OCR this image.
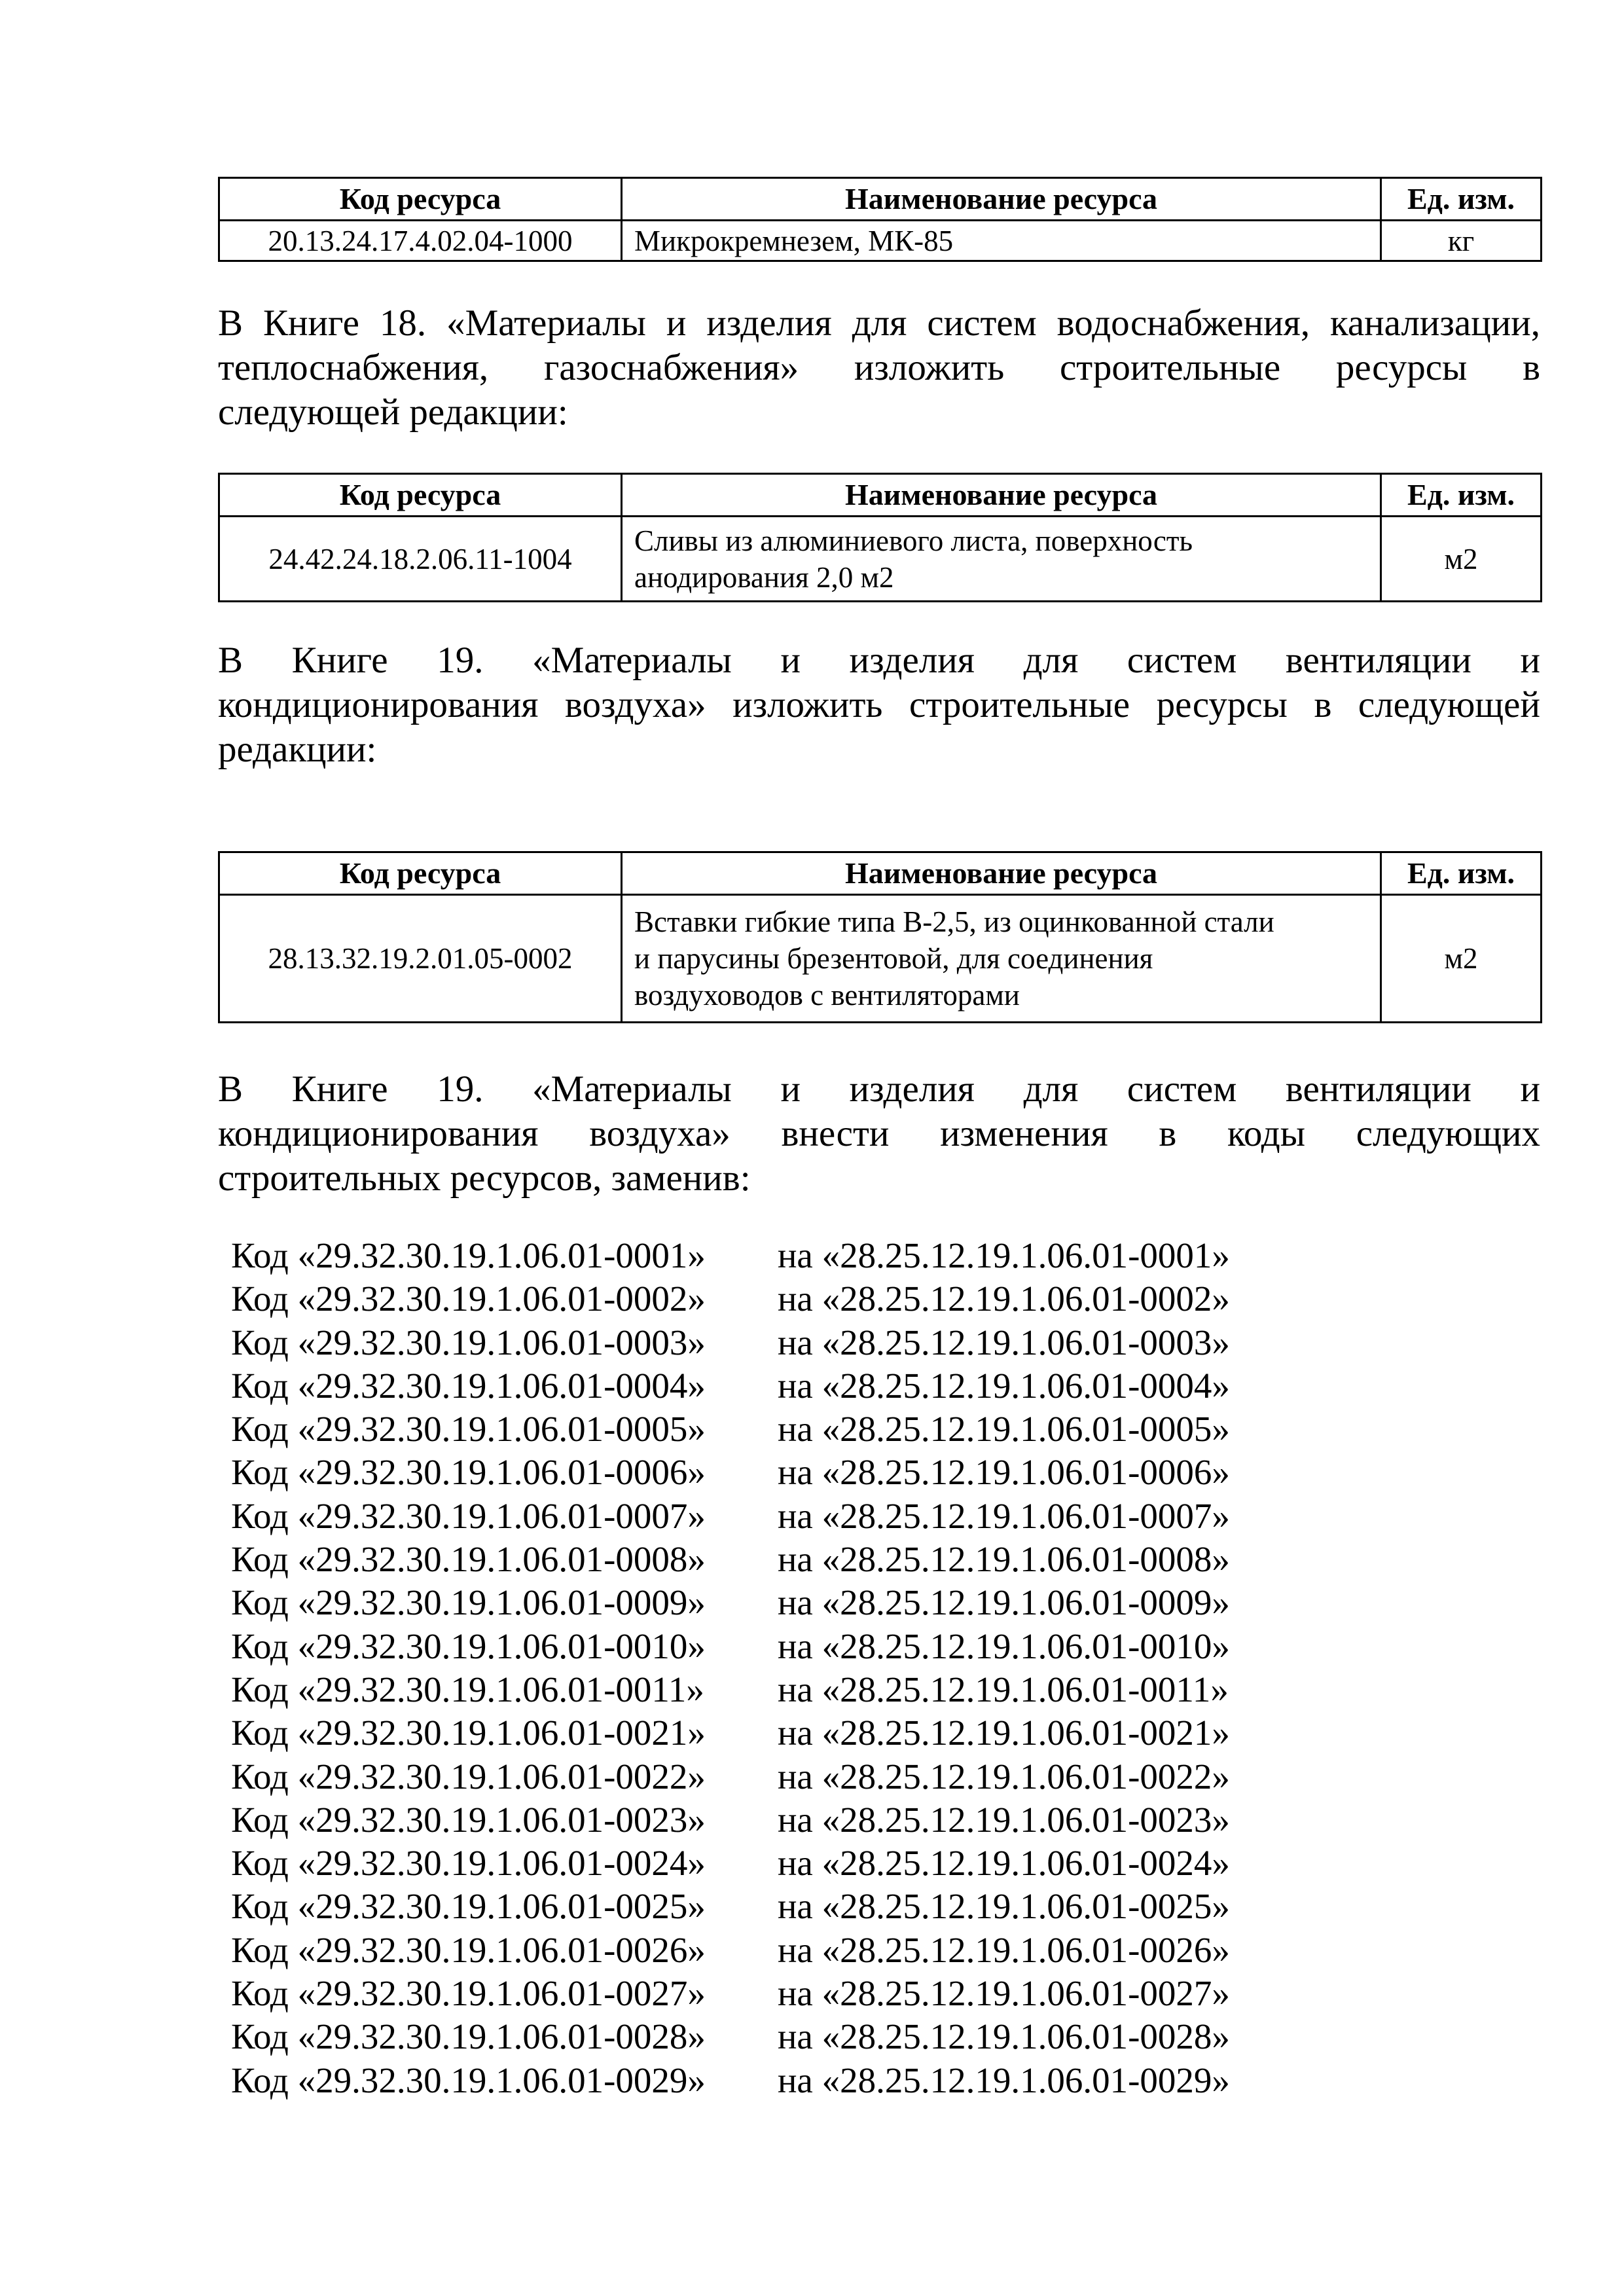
Код ресурса	Наименование ресурса	Ед. изм.
20.13.24.17.4.02.04-1000	Микрокремнезем, МК-85	кг
В Книге 18. «Материалы и изделия для систем водоснабжения, канализации,
теплоснабжения, газоснабжения» изложить строительные ресурсы в
следующей редакции:
Код ресурса	Наименование ресурса	Ед. изм.
24.42.24.18.2.06.11-1004	Сливы из алюминиевого листа, поверхность
анодирования 2,0 м2	м2
В Книге 19. «Материалы и изделия для систем вентиляции и
кондиционирования воздуха» изложить строительные ресурсы в следующей
редакции:
Код ресурса	Наименование ресурса	Ед. изм.
28.13.32.19.2.01.05-0002	Вставки гибкие типа В-2,5, из оцинкованной стали
и парусины брезентовой, для соединения
воздуховодов с вентиляторами	м2
В Книге 19. «Материалы и изделия для систем вентиляции и
кондиционирования воздуха» внести изменения в коды следующих
строительных ресурсов, заменив:
Код «29.32.30.19.1.06.01-0001»	на «28.25.12.19.1.06.01-0001»
Код «29.32.30.19.1.06.01-0002»	на «28.25.12.19.1.06.01-0002»
Код «29.32.30.19.1.06.01-0003»	на «28.25.12.19.1.06.01-0003»
Код «29.32.30.19.1.06.01-0004»	на «28.25.12.19.1.06.01-0004»
Код «29.32.30.19.1.06.01-0005»	на «28.25.12.19.1.06.01-0005»
Код «29.32.30.19.1.06.01-0006»	на «28.25.12.19.1.06.01-0006»
Код «29.32.30.19.1.06.01-0007»	на «28.25.12.19.1.06.01-0007»
Код «29.32.30.19.1.06.01-0008»	на «28.25.12.19.1.06.01-0008»
Код «29.32.30.19.1.06.01-0009»	на «28.25.12.19.1.06.01-0009»
Код «29.32.30.19.1.06.01-0010»	на «28.25.12.19.1.06.01-0010»
Код «29.32.30.19.1.06.01-0011»	на «28.25.12.19.1.06.01-0011»
Код «29.32.30.19.1.06.01-0021»	на «28.25.12.19.1.06.01-0021»
Код «29.32.30.19.1.06.01-0022»	на «28.25.12.19.1.06.01-0022»
Код «29.32.30.19.1.06.01-0023»	на «28.25.12.19.1.06.01-0023»
Код «29.32.30.19.1.06.01-0024»	на «28.25.12.19.1.06.01-0024»
Код «29.32.30.19.1.06.01-0025»	на «28.25.12.19.1.06.01-0025»
Код «29.32.30.19.1.06.01-0026»	на «28.25.12.19.1.06.01-0026»
Код «29.32.30.19.1.06.01-0027»	на «28.25.12.19.1.06.01-0027»
Код «29.32.30.19.1.06.01-0028»	на «28.25.12.19.1.06.01-0028»
Код «29.32.30.19.1.06.01-0029»	на «28.25.12.19.1.06.01-0029»
